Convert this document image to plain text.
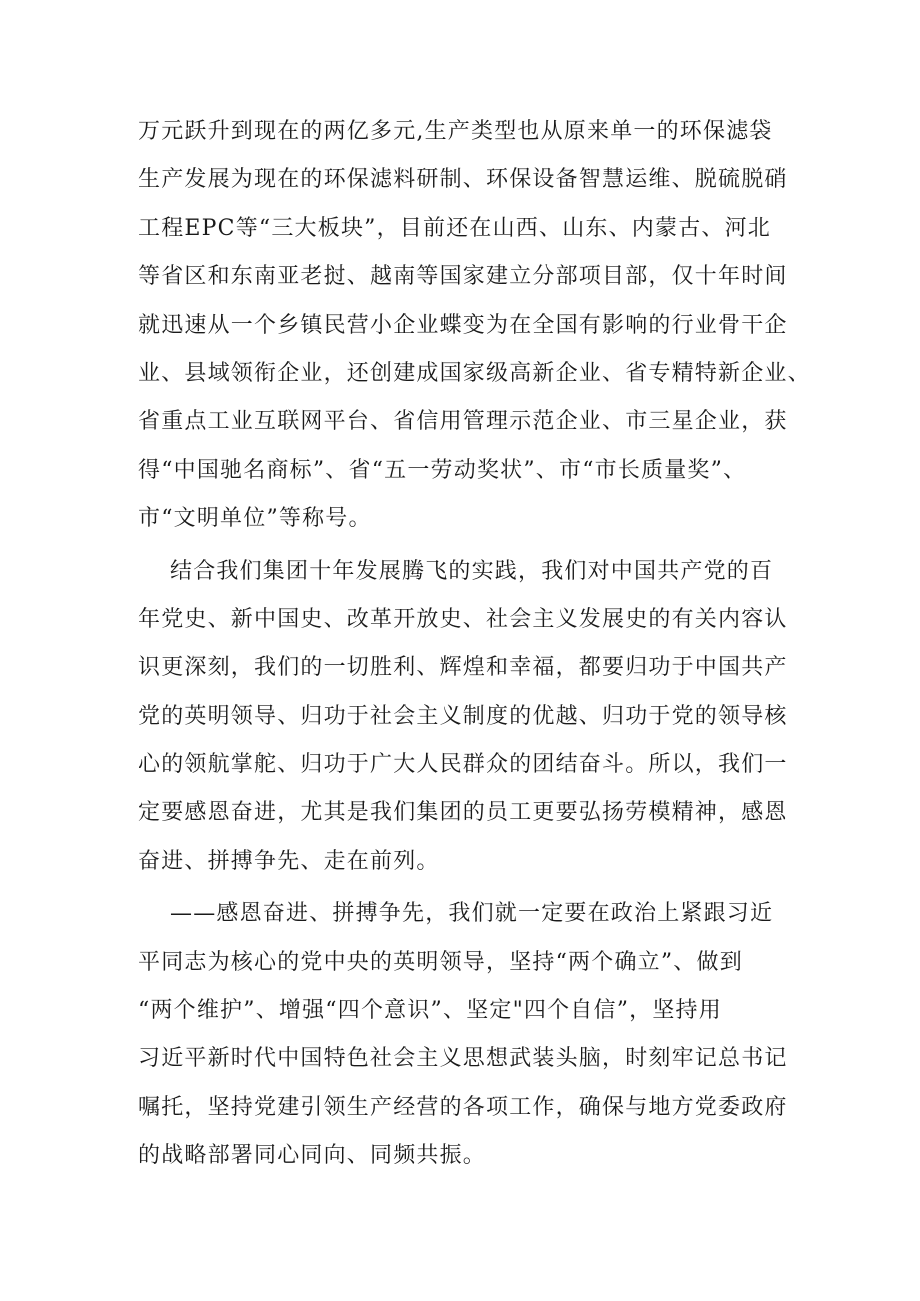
万元跃升到现在的两亿多元,生产类型也从原来单一的环保滤袋
生产发展为现在的环保滤料研制、环保设备智慧运维、脱硫脱硝
工程EPC等“三大板块”，目前还在山西、山东、内蒙古、河北
等省区和东南亚老挝、越南等国家建立分部项目部，仅十年时间
就迅速从一个乡镇民营小企业蝶变为在全国有影响的行业骨干企
业、县域领衔企业，还创建成国家级高新企业、省专精特新企业、
省重点工业互联网平台、省信用管理示范企业、市三星企业，获
得“中国驰名商标”、省“五一劳动奖状”、市“市长质量奖”、
市“文明单位”等称号。
结合我们集团十年发展腾飞的实践，我们对中国共产党的百
年党史、新中国史、改革开放史、社会主义发展史的有关内容认
识更深刻，我们的一切胜利、辉煌和幸福，都要归功于中国共产
党的英明领导、归功于社会主义制度的优越、归功于党的领导核
心的领航掌舵、归功于广大人民群众的团结奋斗。所以，我们一
定要感恩奋进，尤其是我们集团的员工更要弘扬劳模精神，感恩
奋进、拼搏争先、走在前列。
——感恩奋进、拼搏争先，我们就一定要在政治上紧跟习近
平同志为核心的党中央的英明领导，坚持“两个确立”、做到
“两个维护”、增强“四个意识”、坚定"四个自信”，坚持用
习近平新时代中国特色社会主义思想武装头脑，时刻牢记总书记
嘱托，坚持党建引领生产经营的各项工作，确保与地方党委政府
的战略部署同心同向、同频共振。
